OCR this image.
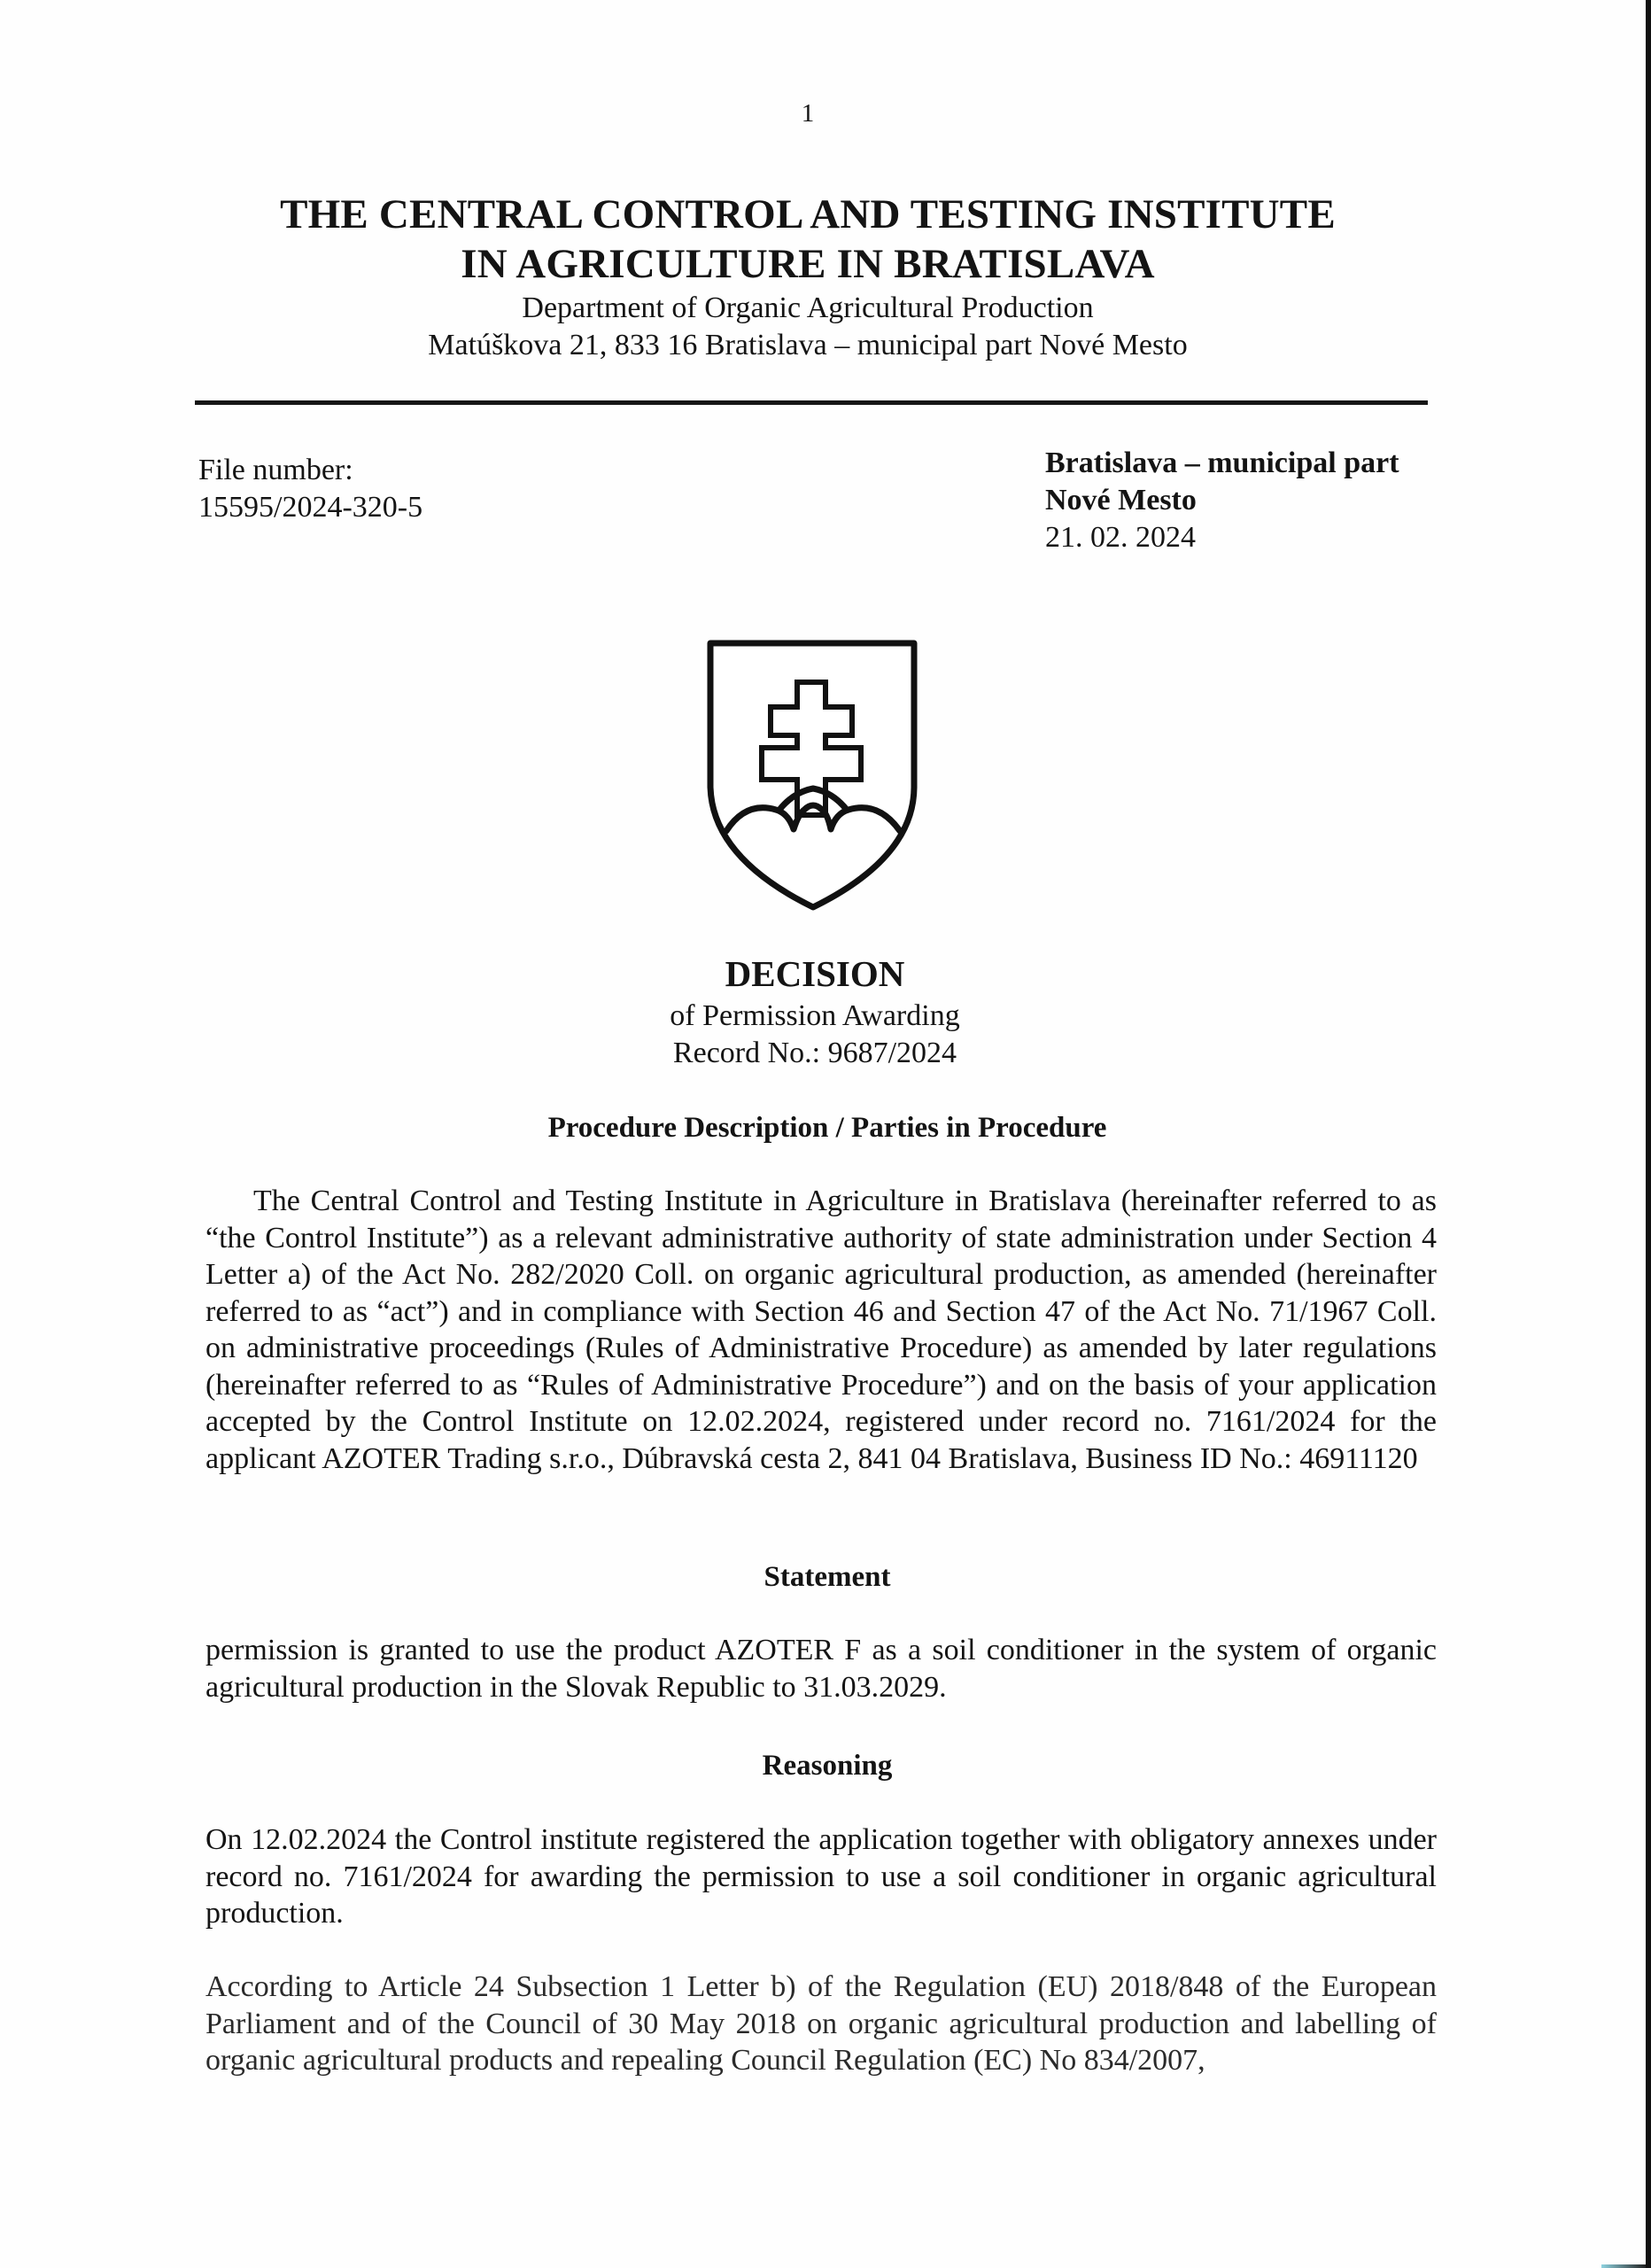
1
THE CENTRAL CONTROL AND TESTING INSTITUTE
IN AGRICULTURE IN BRATISLAVA
Department of Organic Agricultural Production
Matúškova 21, 833 16 Bratislava – municipal part Nové Mesto
File number:
15595/2024-320-5
Bratislava – municipal part
Nové Mesto
21. 02. 2024
DECISION
of Permission Awarding
Record No.: 9687/2024
Procedure Description / Parties in Procedure
The Central Control and Testing Institute in Agriculture in Bratislava (hereinafter referred to as “the Control Institute”) as a relevant administrative authority of state administration under Section 4 Letter a) of the Act No. 282/2020 Coll. on organic agricultural production, as amended (hereinafter referred to as “act”) and in compliance with Section 46 and Section 47 of the Act No. 71/1967 Coll. on administrative proceedings (Rules of Administrative Procedure) as amended by later regulations (hereinafter referred to as “Rules of Administrative Procedure”) and on the basis of your application accepted by the Control Institute on 12.02.2024, registered under record no. 7161/2024 for the applicant AZOTER Trading s.r.o., Dúbravská cesta 2, 841 04 Bratislava, Business ID No.: 46911120
Statement
permission is granted to use the product AZOTER F as a soil conditioner in the system of organic agricultural production in the Slovak Republic to 31.03.2029.
Reasoning
On 12.02.2024 the Control institute registered the application together with obligatory annexes under record no. 7161/2024 for awarding the permission to use a soil conditioner in organic agricultural production.
According to Article 24 Subsection 1 Letter b) of the Regulation (EU) 2018/848 of the European Parliament and of the Council of 30 May 2018 on organic agricultural production and labelling of organic agricultural products and repealing Council Regulation (EC) No 834/2007,
